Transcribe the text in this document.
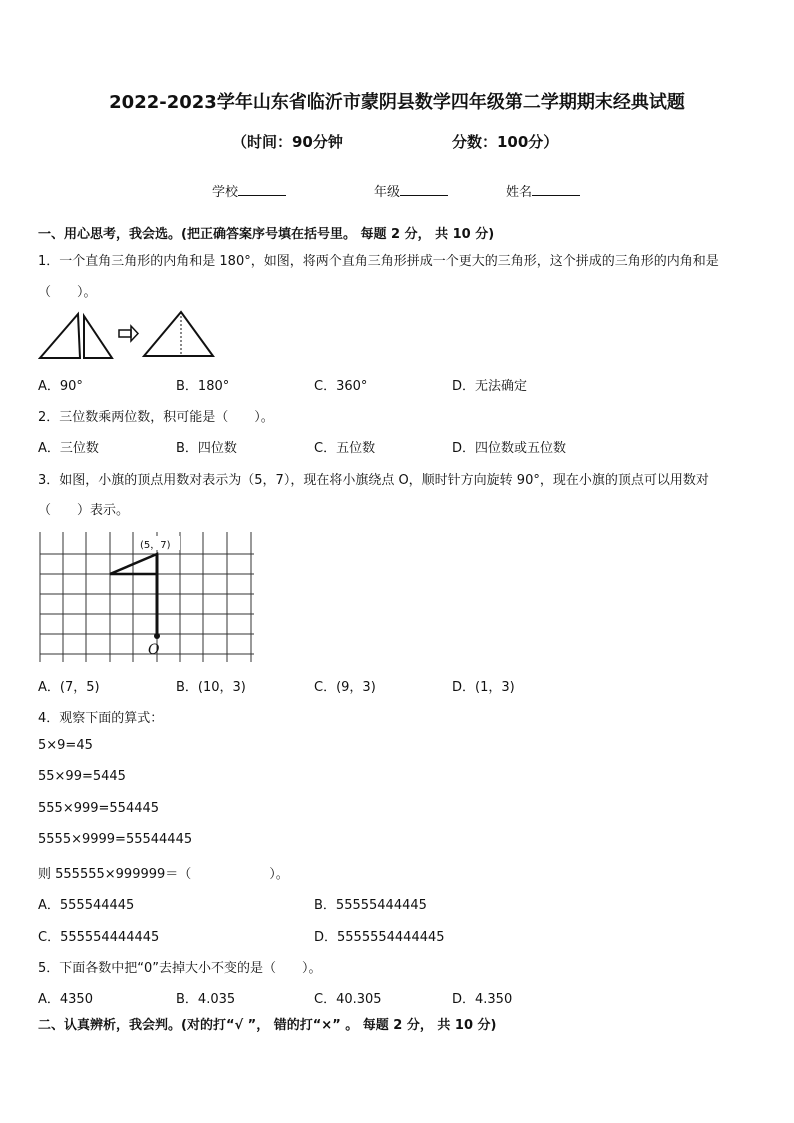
2022-2023学年山东省临沂市蒙阴县数学四年级第二学期期末经典试题
（时间：90分钟	分数：100分）
学校	年级	姓名
一、用心思考，我会选。(把正确答案序号填在括号里。 每题 2 分， 共 10 分)
1．一个直角三角形的内角和是 180°，如图，将两个直角三角形拼成一个更大的三角形，这个拼成的三角形的内角和是
（　　）。
A．90°	B．180°	C．360°	D．无法确定
2．三位数乘两位数，积可能是（　　）。
A．三位数	B．四位数	C．五位数	D．四位数或五位数
3．如图，小旗的顶点用数对表示为（5，7），现在将小旗绕点 O，顺时针方向旋转 90°，现在小旗的顶点可以用数对
（　　）表示。
(5，7)
O
A．(7，5)	B．(10，3)	C．(9，3)	D．(1，3)
4．观察下面的算式：
5×9=45
55×99=5445
555×999=554445
5555×9999=55544445
则 555555×999999＝（　　　　　　）。
A．555544445	B．55555444445
C．555554444445	D．5555554444445
5．下面各数中把“0”去掉大小不变的是（　　）。
A．4350	B．4.035	C．40.305	D．4.350
二、认真辨析，我会判。(对的打“√ ”， 错的打“×” 。 每题 2 分， 共 10 分)
